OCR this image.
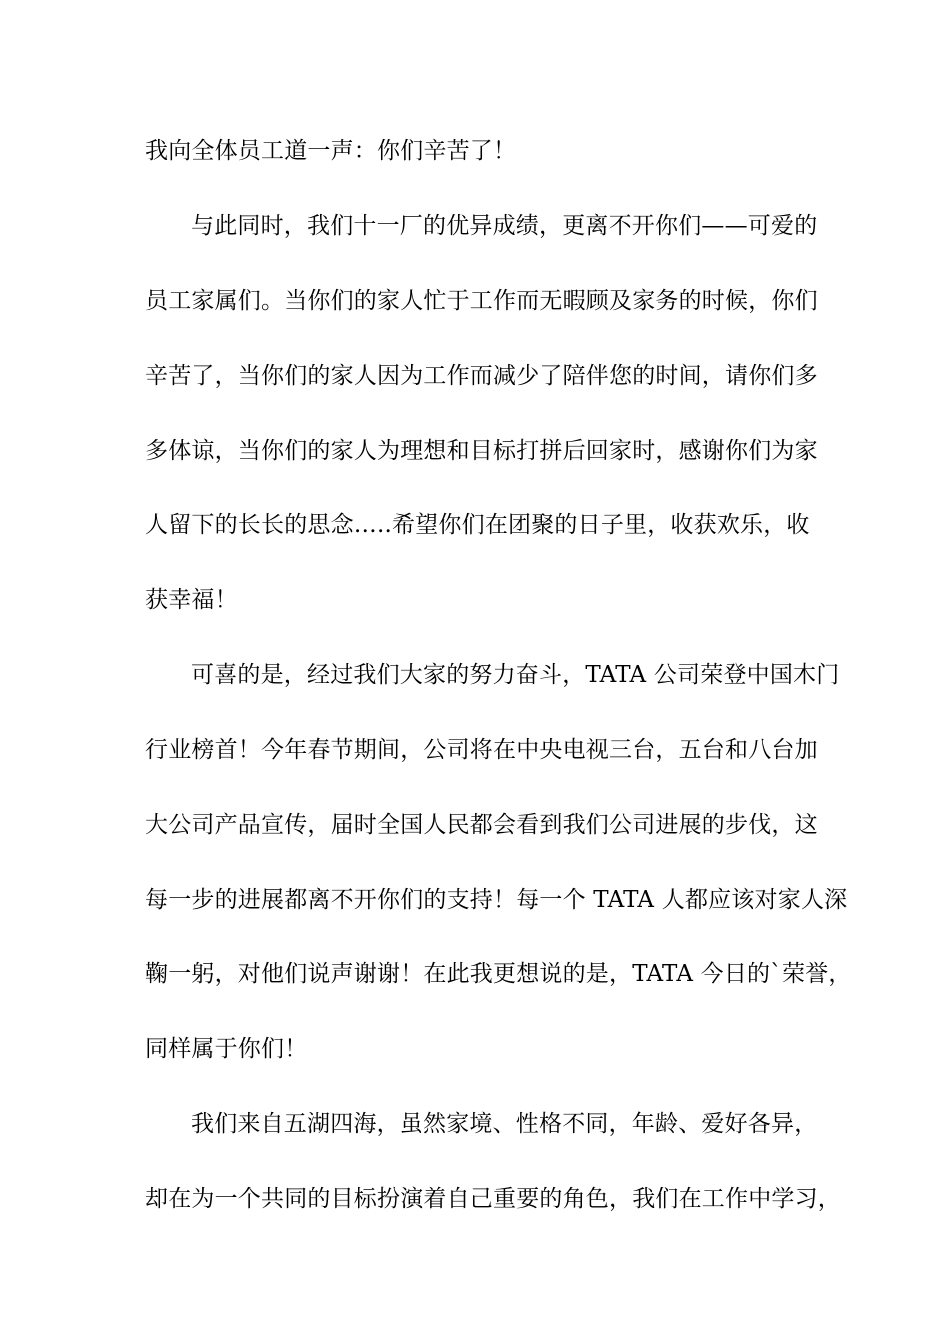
我向全体员工道一声：你们辛苦了！
与此同时，我们十一厂的优异成绩，更离不开你们——可爱的
员工家属们。当你们的家人忙于工作而无暇顾及家务的时候，你们
辛苦了，当你们的家人因为工作而减少了陪伴您的时间，请你们多
多体谅，当你们的家人为理想和目标打拼后回家时，感谢你们为家
人留下的长长的思念…..希望你们在团聚的日子里，收获欢乐，收
获幸福！
可喜的是，经过我们大家的努力奋斗，TATA 公司荣登中国木门
行业榜首！今年春节期间，公司将在中央电视三台，五台和八台加
大公司产品宣传，届时全国人民都会看到我们公司进展的步伐，这
每一步的进展都离不开你们的支持！每一个 TATA 人都应该对家人深
鞠一躬，对他们说声谢谢！在此我更想说的是，TATA 今日的`荣誉，
同样属于你们！
我们来自五湖四海，虽然家境、性格不同，年龄、爱好各异，
却在为一个共同的目标扮演着自己重要的角色，我们在工作中学习，
